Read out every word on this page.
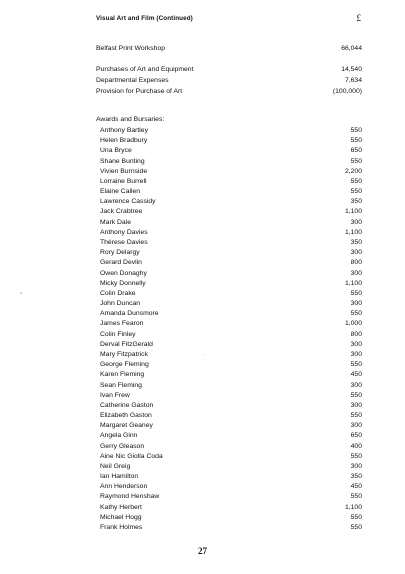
Visual Art and Film (Continued)	£
Belfast Print Workshop	66,044
Purchases of Art and Equipment	14,540
Departmental Expenses	7,634
Provision for Purchase of Art	(100,000)
Awards and Bursaries:
Anthony Bartley	550
Helen Bradbury	550
Una Bryce	650
Shane Bunting	550
Vivien Burnside	2,200
Lorraine Burrell	550
Elaine Callen	550
Lawrence Cassidy	350
Jack Crabtree	1,100
Mark Dale	300
Anthony Davies	1,100
Thérese Davies	350
Rory Delargy	300
Gerard Devlin	800
Owen Donaghy	300
Micky Donnelly	1,100
Colin Drake	550
John Duncan	300
Amanda Dunsmore	550
James Fearon	1,000
Colin Finley	800
Derval FitzGerald	300
Mary Fitzpatrick	300
George Fleming	550
Karen Fleming	450
Sean Fleming	300
Ivan Frew	550
Catherine Gaston	300
Elizabeth Gaston	550
Margaret Geaney	300
Angela Ginn	650
Gerry Gleason	400
Aine Nic Giolla Coda	550
Neil Greig	300
Ian Hamilton	350
Ann Henderson	450
Raymond Henshaw	550
Kathy Herbert	1,100
Michael Hogg	550
Frank Holmes	550
27
